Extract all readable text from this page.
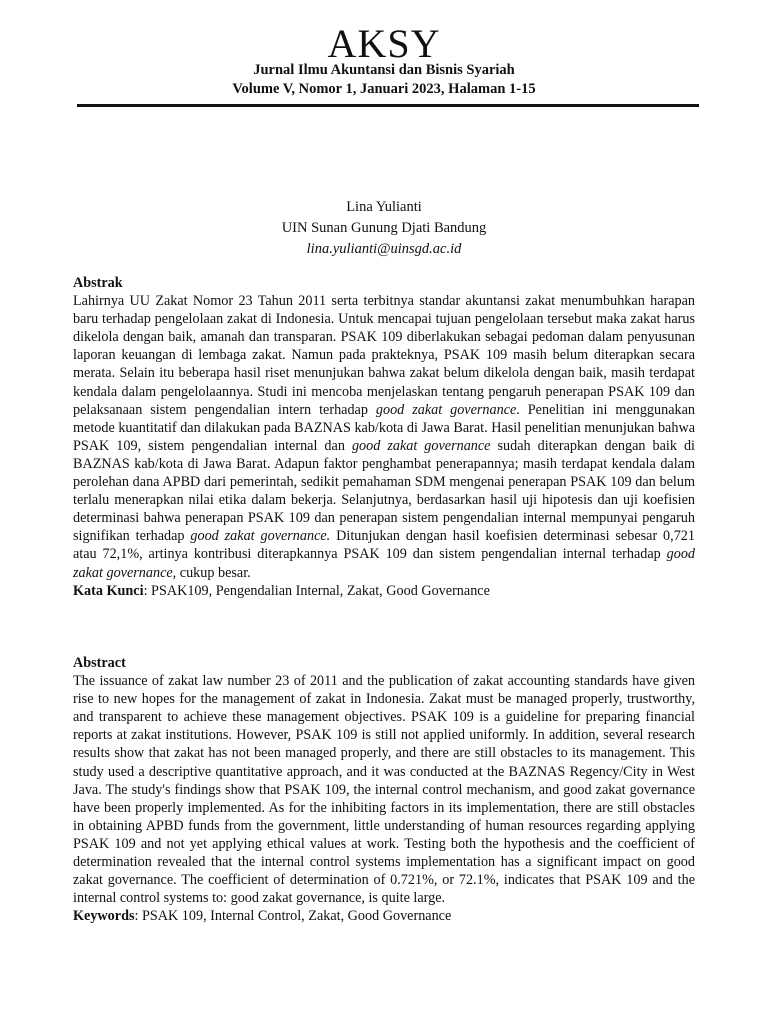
AKSY
Jurnal Ilmu Akuntansi dan Bisnis Syariah
Volume V, Nomor 1, Januari 2023, Halaman 1-15
Lina Yulianti
UIN Sunan Gunung Djati Bandung
lina.yulianti@uinsgd.ac.id
Abstrak

Lahirnya UU Zakat Nomor 23 Tahun 2011 serta terbitnya standar akuntansi zakat menumbuhkan harapan baru terhadap pengelolaan zakat di Indonesia. Untuk mencapai tujuan pengelolaan tersebut maka zakat harus dikelola dengan baik, amanah dan transparan. PSAK 109 diberlakukan sebagai pedoman dalam penyusunan laporan keuangan di lembaga zakat. Namun pada prakteknya, PSAK 109 masih belum diterapkan secara merata. Selain itu beberapa hasil riset menunjukan bahwa zakat belum dikelola dengan baik, masih terdapat kendala dalam pengelolaannya. Studi ini mencoba menjelaskan tentang pengaruh penerapan PSAK 109 dan pelaksanaan sistem pengendalian intern terhadap good zakat governance. Penelitian ini menggunakan metode kuantitatif dan dilakukan pada BAZNAS kab/kota di Jawa Barat. Hasil penelitian menunjukan bahwa PSAK 109, sistem pengendalian internal dan good zakat governance sudah diterapkan dengan baik di BAZNAS kab/kota di Jawa Barat. Adapun faktor penghambat penerapannya; masih terdapat kendala dalam perolehan dana APBD dari pemerintah, sedikit pemahaman SDM mengenai penerapan PSAK 109 dan belum terlalu menerapkan nilai etika dalam bekerja. Selanjutnya, berdasarkan hasil uji hipotesis dan uji koefisien determinasi bahwa penerapan PSAK 109 dan penerapan sistem pengendalian internal mempunyai pengaruh signifikan terhadap good zakat governance. Ditunjukan dengan hasil koefisien determinasi sebesar 0,721 atau 72,1%, artinya kontribusi diterapkannya PSAK 109 dan sistem pengendalian internal terhadap good zakat governance, cukup besar.

Kata Kunci: PSAK109, Pengendalian Internal, Zakat, Good Governance
Abstract

The issuance of zakat law number 23 of 2011 and the publication of zakat accounting standards have given rise to new hopes for the management of zakat in Indonesia. Zakat must be managed properly, trustworthy, and transparent to achieve these management objectives. PSAK 109 is a guideline for preparing financial reports at zakat institutions. However, PSAK 109 is still not applied uniformly. In addition, several research results show that zakat has not been managed properly, and there are still obstacles to its management. This study used a descriptive quantitative approach, and it was conducted at the BAZNAS Regency/City in West Java. The study's findings show that PSAK 109, the internal control mechanism, and good zakat governance have been properly implemented. As for the inhibiting factors in its implementation, there are still obstacles in obtaining APBD funds from the government, little understanding of human resources regarding applying PSAK 109 and not yet applying ethical values at work. Testing both the hypothesis and the coefficient of determination revealed that the internal control systems implementation has a significant impact on good zakat governance. The coefficient of determination of 0.721%, or 72.1%, indicates that PSAK 109 and the internal control systems to: good zakat governance, is quite large.

Keywords: PSAK 109, Internal Control, Zakat, Good Governance
